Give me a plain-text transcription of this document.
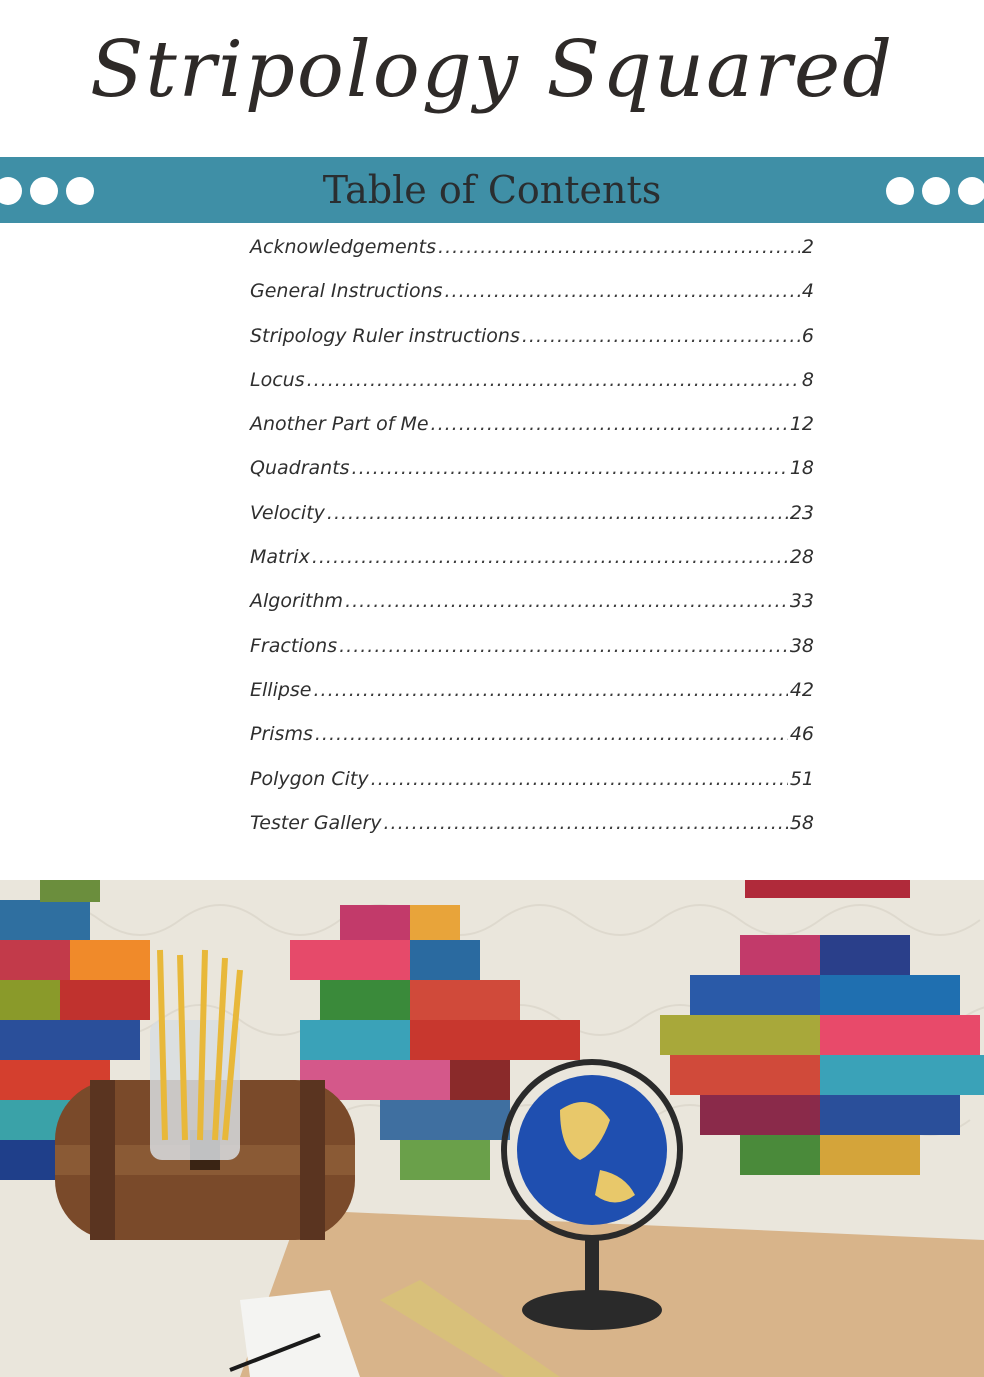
Stripology Squared
Table of Contents
Acknowledgements .....	2
General Instructions .....	4
Stripology Ruler instructions .....	6
Locus .....	8
Another Part of Me .....	12
Quadrants .....	18
Velocity .....	23
Matrix .....	28
Algorithm .....	33
Fractions .....	38
Ellipse .....	42
Prisms .....	46
Polygon City .....	51
Tester Gallery .....	58
